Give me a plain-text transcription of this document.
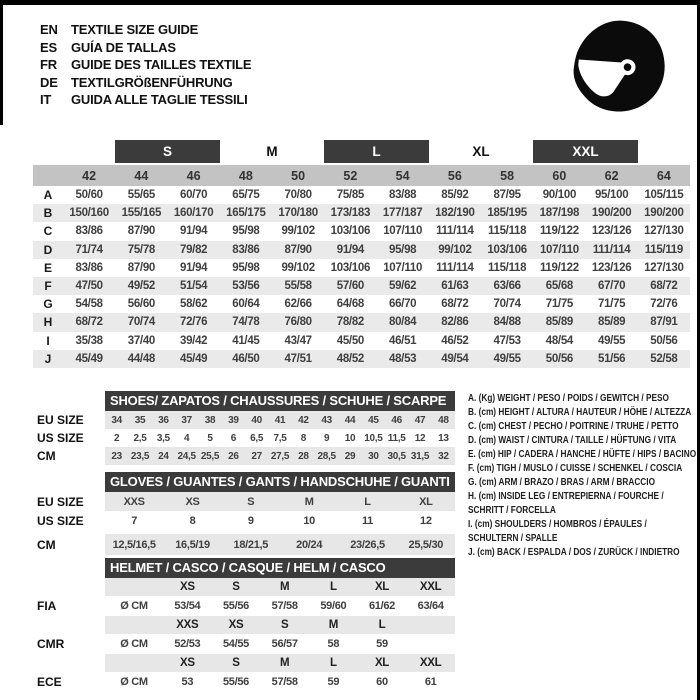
EN	TEXTILE SIZE GUIDE
ES	GUÍA DE TALLAS
FR	GUIDE DES TAILLES TEXTILE
DE	TEXTILGRÖßENFÜHRUNG
IT	GUIDA ALLE TAGLIE TESSILI
S	M	L	XL	XXL
42	44	46	48	50	52	54	56	58	60	62	64
A	50/60	55/65	60/70	65/75	70/80	75/85	83/88	85/92	87/95	90/100	95/100	105/115
B	150/160	155/165	160/170	165/175	170/180	173/183	177/187	182/190	185/195	187/198	190/200	190/200
C	83/86	87/90	91/94	95/98	99/102	103/106	107/110	111/114	115/118	119/122	123/126	127/130
D	71/74	75/78	79/82	83/86	87/90	91/94	95/98	99/102	103/106	107/110	111/114	115/119
E	83/86	87/90	91/94	95/98	99/102	103/106	107/110	111/114	115/118	119/122	123/126	127/130
F	47/50	49/52	51/54	53/56	55/58	57/60	59/62	61/63	63/66	65/68	67/70	68/72
G	54/58	56/60	58/62	60/64	62/66	64/68	66/70	68/72	70/74	71/75	71/75	72/76
H	68/72	70/74	72/76	74/78	76/80	78/82	80/84	82/86	84/88	85/89	85/89	87/91
I	35/38	37/40	39/42	41/45	43/47	45/50	46/51	46/52	47/53	48/54	49/55	50/56
J	45/49	44/48	45/49	46/50	47/51	48/52	48/53	49/54	49/55	50/56	51/56	52/58
SHOES/ ZAPATOS / CHAUSSURES / SCHUHE / SCARPE
EU SIZE	34	35	36	37	38	39	40	41	42	43	44	45	46	47	48
US SIZE	2	2,5	3,5	4	5	6	6,5	7,5	8	9	10 10,5 11,5 12	13
CM	23 23,5 24 24,5 25,5 26	27 27,5 28 28,5 29	30 30,5 31,5 32
GLOVES / GUANTES / GANTS / HANDSCHUHE / GUANTI
EU SIZE	XXS	XS	S	M	L	XL
US SIZE	7	8	9	10	11	12
CM	12,5/16,5	16,5/19	18/21,5	20/24	23/26,5	25,5/30
HELMET / CASCO / CASQUE / HELM / CASCO
XS	S	M	L	XL	XXL
FIA	Ø CM	53/54	55/56	57/58	59/60	61/62	63/64
XXS	XS	S	M	L
CMR	Ø CM	52/53	54/55	56/57	58	59
XS	S	M	L	XL	XXL
ECE	Ø CM	53	55/56	57/58	59	60	61
A. (Kg) WEIGHT / PESO / POIDS / GEWITCH / PESO
B. (cm) HEIGHT / ALTURA / HAUTEUR / HÖHE / ALTEZZA
C. (cm) CHEST / PECHO / POITRINE / TRUHE / PETTO
D. (cm) WAIST / CINTURA / TAILLE / HÜFTUNG / VITA
E. (cm) HIP / CADERA / HANCHE / HÜFTE / HIPS / BACINO
F. (cm) TIGH / MUSLO / CUISSE / SCHENKEL / COSCIA
G. (cm) ARM / BRAZO / BRAS / ARM / BRACCIO
H. (cm) INSIDE LEG / ENTREPIERNA / FOURCHE / SCHRITT / FORCELLA
I. (cm) SHOULDERS / HOMBROS / ÉPAULES / SCHULTERN / SPALLE
J. (cm) BACK / ESPALDA / DOS / ZURÜCK / INDIETRO
